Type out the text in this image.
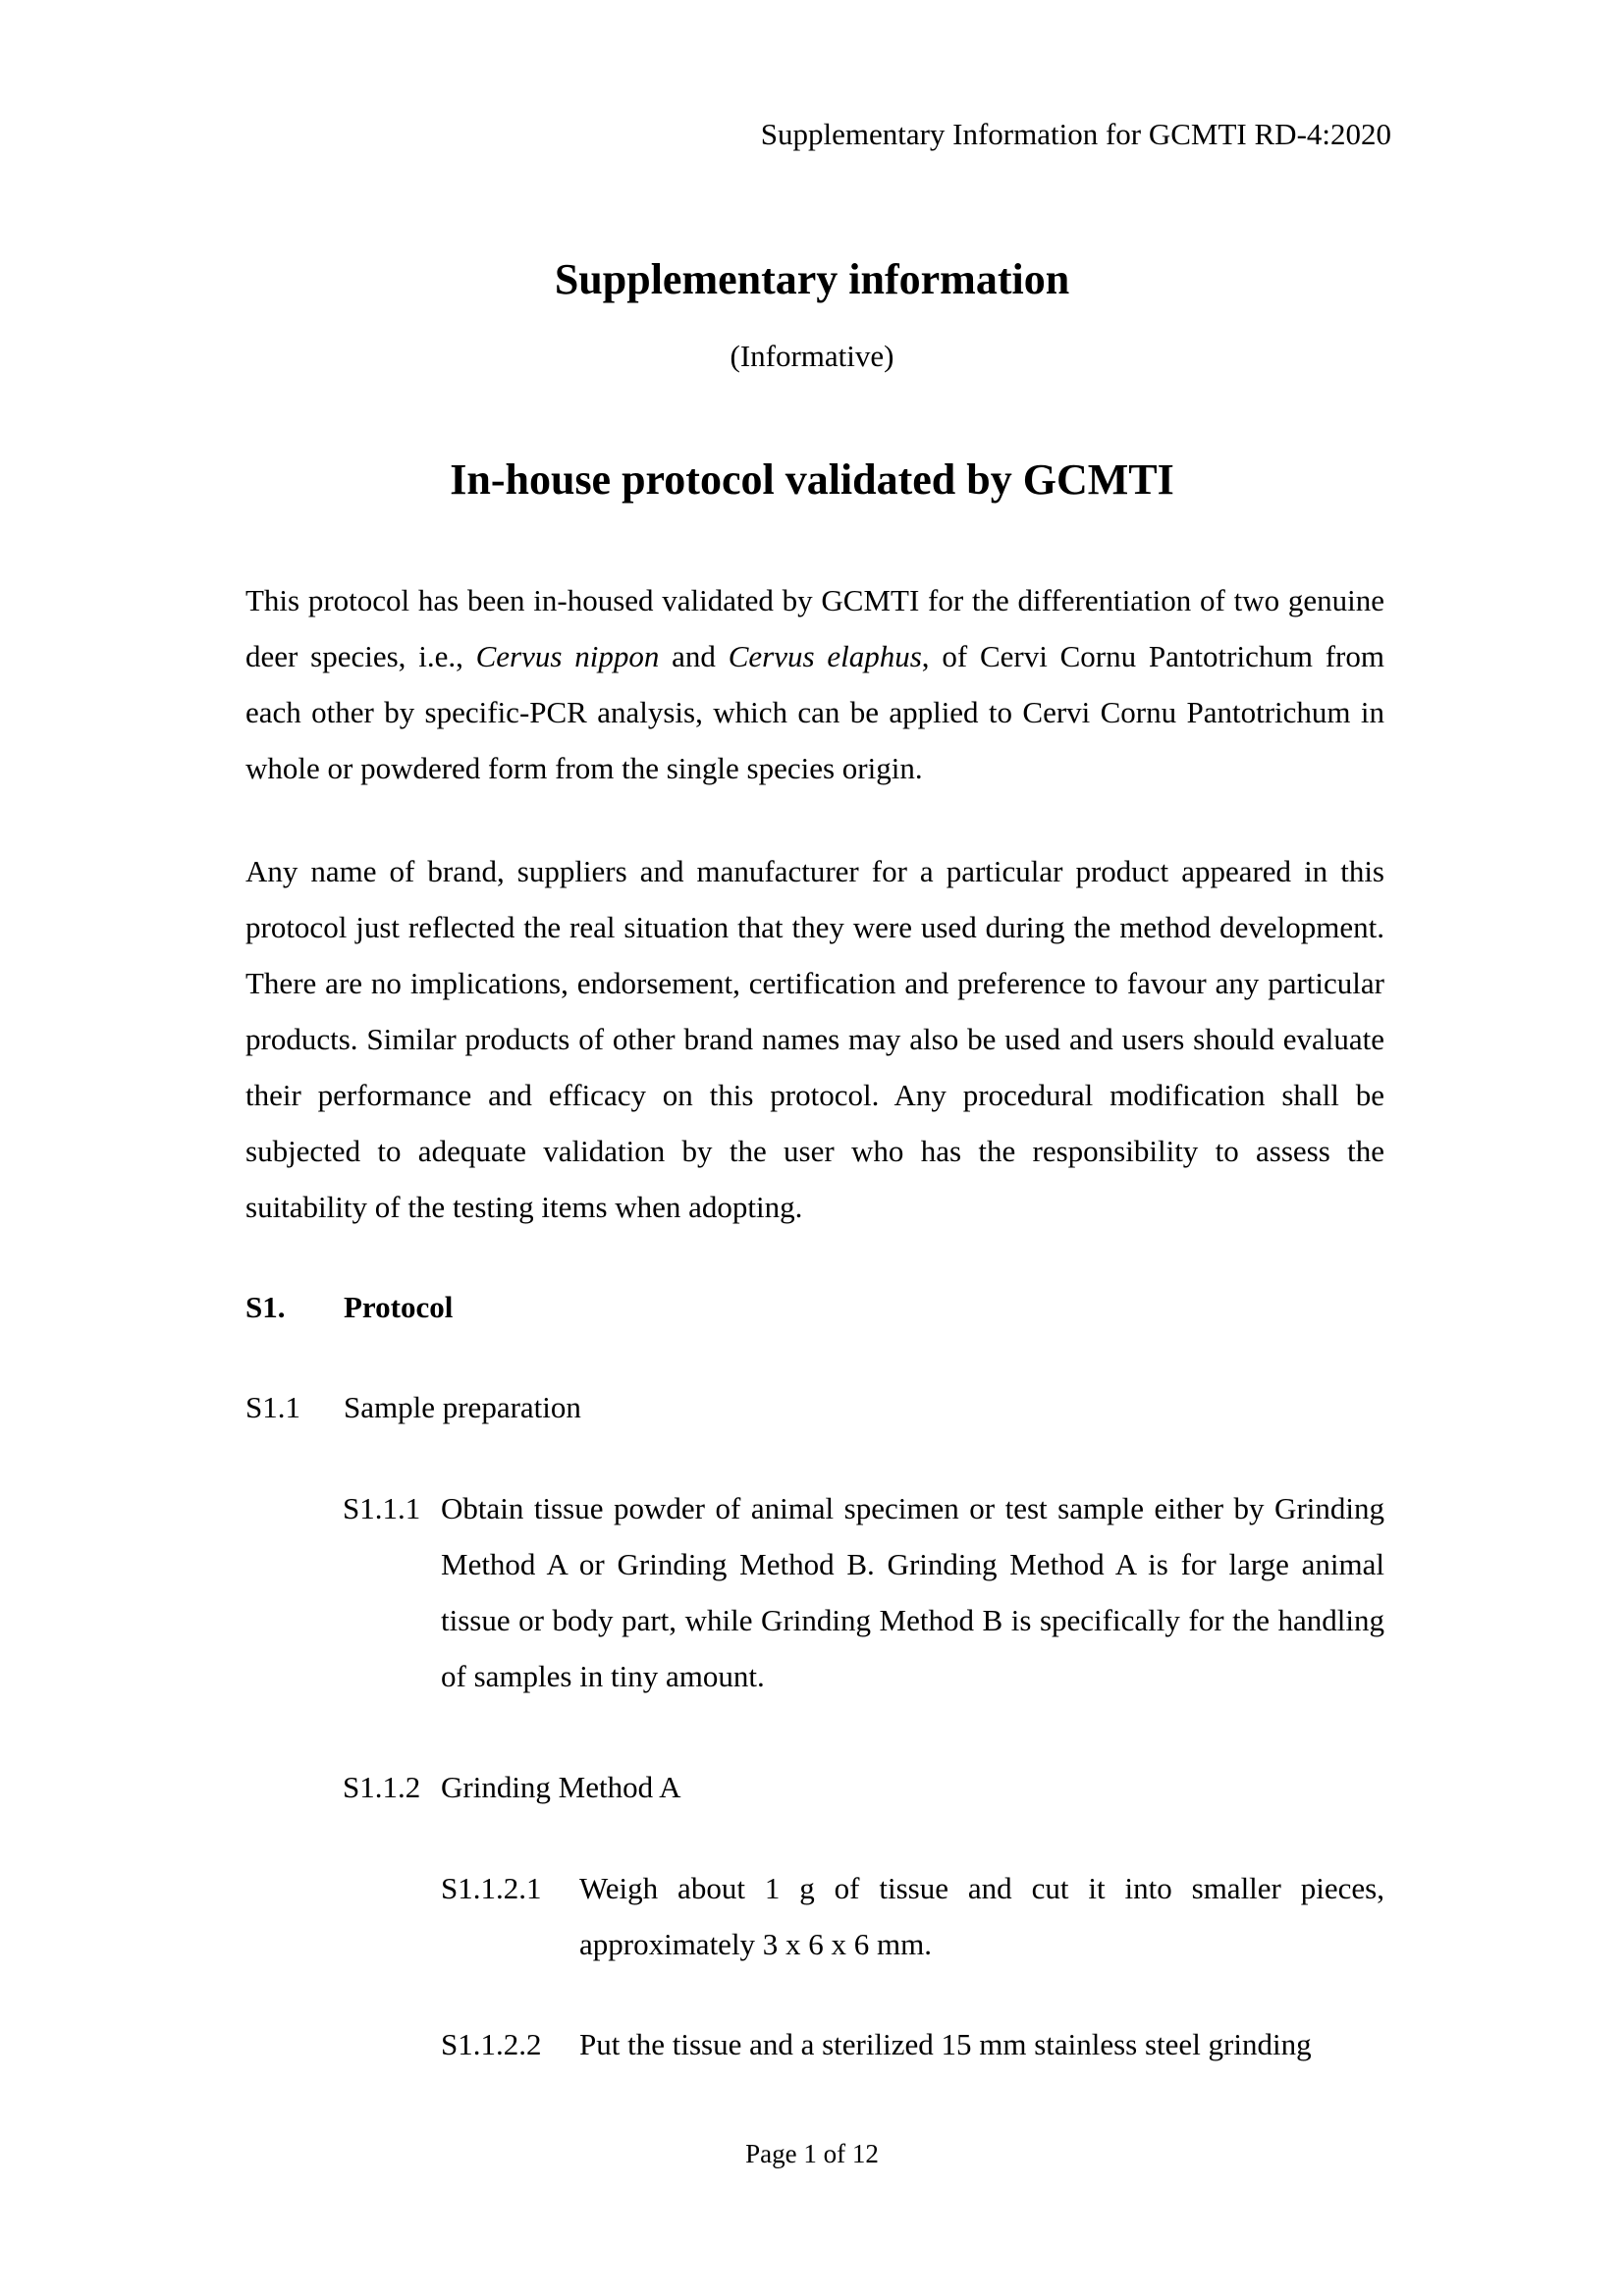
Supplementary Information for GCMTI RD-4:2020
Supplementary information
(Informative)
In-house protocol validated by GCMTI

This protocol has been in-housed validated by GCMTI for the differentiation of two genuine deer species, i.e., Cervus nippon and Cervus elaphus, of Cervi Cornu Pantotrichum from each other by specific-PCR analysis, which can be applied to Cervi Cornu Pantotrichum in whole or powdered form from the single species origin.

Any name of brand, suppliers and manufacturer for a particular product appeared in this protocol just reflected the real situation that they were used during the method development. There are no implications, endorsement, certification and preference to favour any particular products. Similar products of other brand names may also be used and users should evaluate their performance and efficacy on this protocol. Any procedural modification shall be subjected to adequate validation by the user who has the responsibility to assess the suitability of the testing items when adopting.

S1. Protocol
S1.1 Sample preparation
S1.1.1 Obtain tissue powder of animal specimen or test sample either by Grinding Method A or Grinding Method B. Grinding Method A is for large animal tissue or body part, while Grinding Method B is specifically for the handling of samples in tiny amount.

S1.1.2 Grinding Method A

S1.1.2.1 Weigh about 1 g of tissue and cut it into smaller pieces, approximately 3 x 6 x 6 mm.

S1.1.2.2 Put the tissue and a sterilized 15 mm stainless steel grinding

Page 1 of 12
